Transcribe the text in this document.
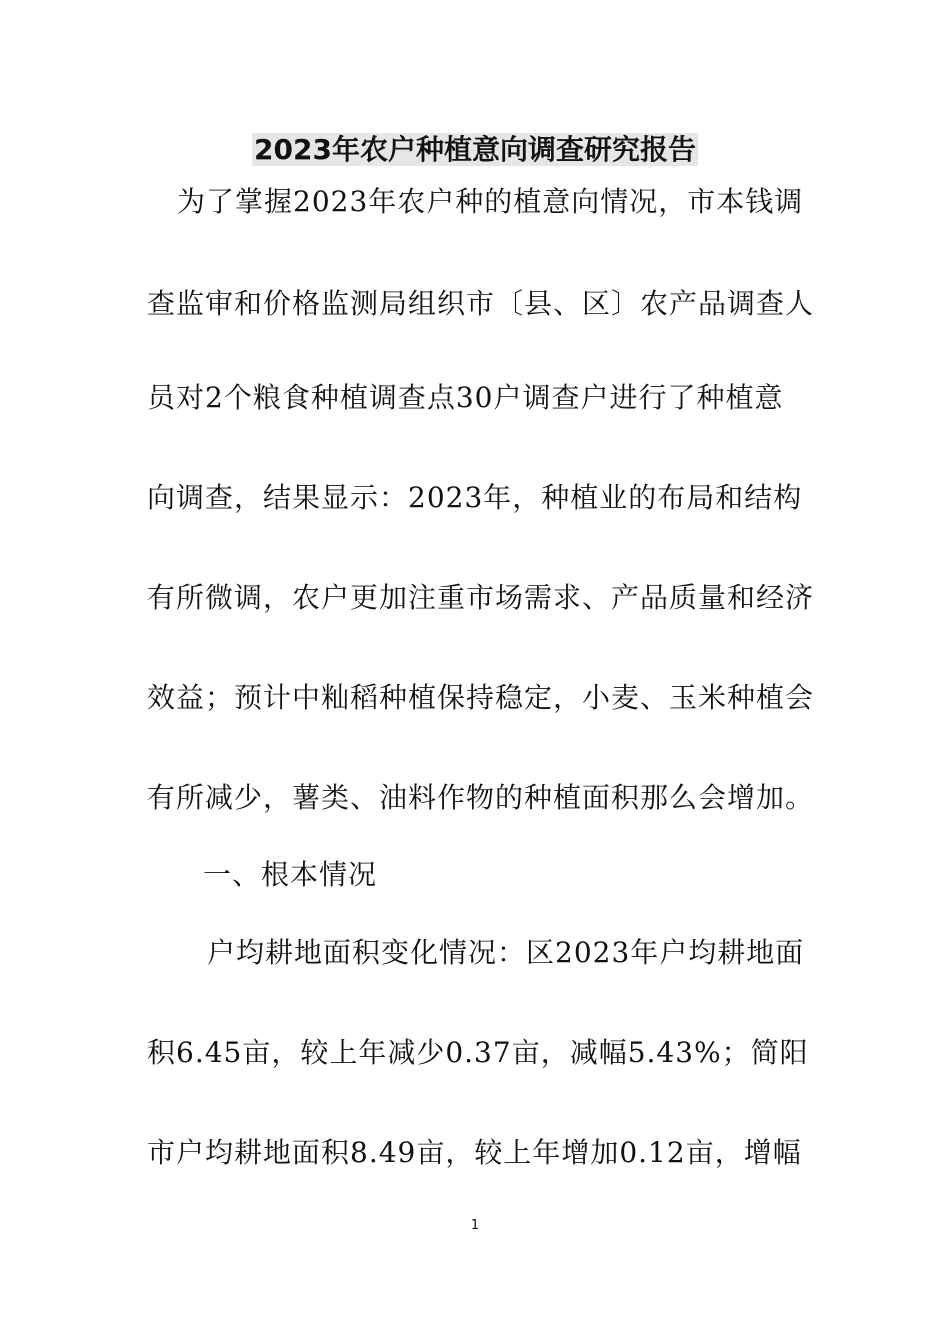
2023年农户种植意向调查研究报告

为了掌握2023年农户种的植意向情况，市本钱调

查监审和价格监测局组织市〔县、区〕农产品调查人

员对2个粮食种植调查点30户调查户进行了种植意

向调查，结果显示：2023年，种植业的布局和结构

有所微调，农户更加注重市场需求、产品质量和经济

效益；预计中籼稻种植保持稳定，小麦、玉米种植会

有所减少，薯类、油料作物的种植面积那么会增加。

一、根本情况

户均耕地面积变化情况：区2023年户均耕地面

积6.45亩，较上年减少0.37亩，减幅5.43%；简阳

市户均耕地面积8.49亩，较上年增加0.12亩，增幅

1
